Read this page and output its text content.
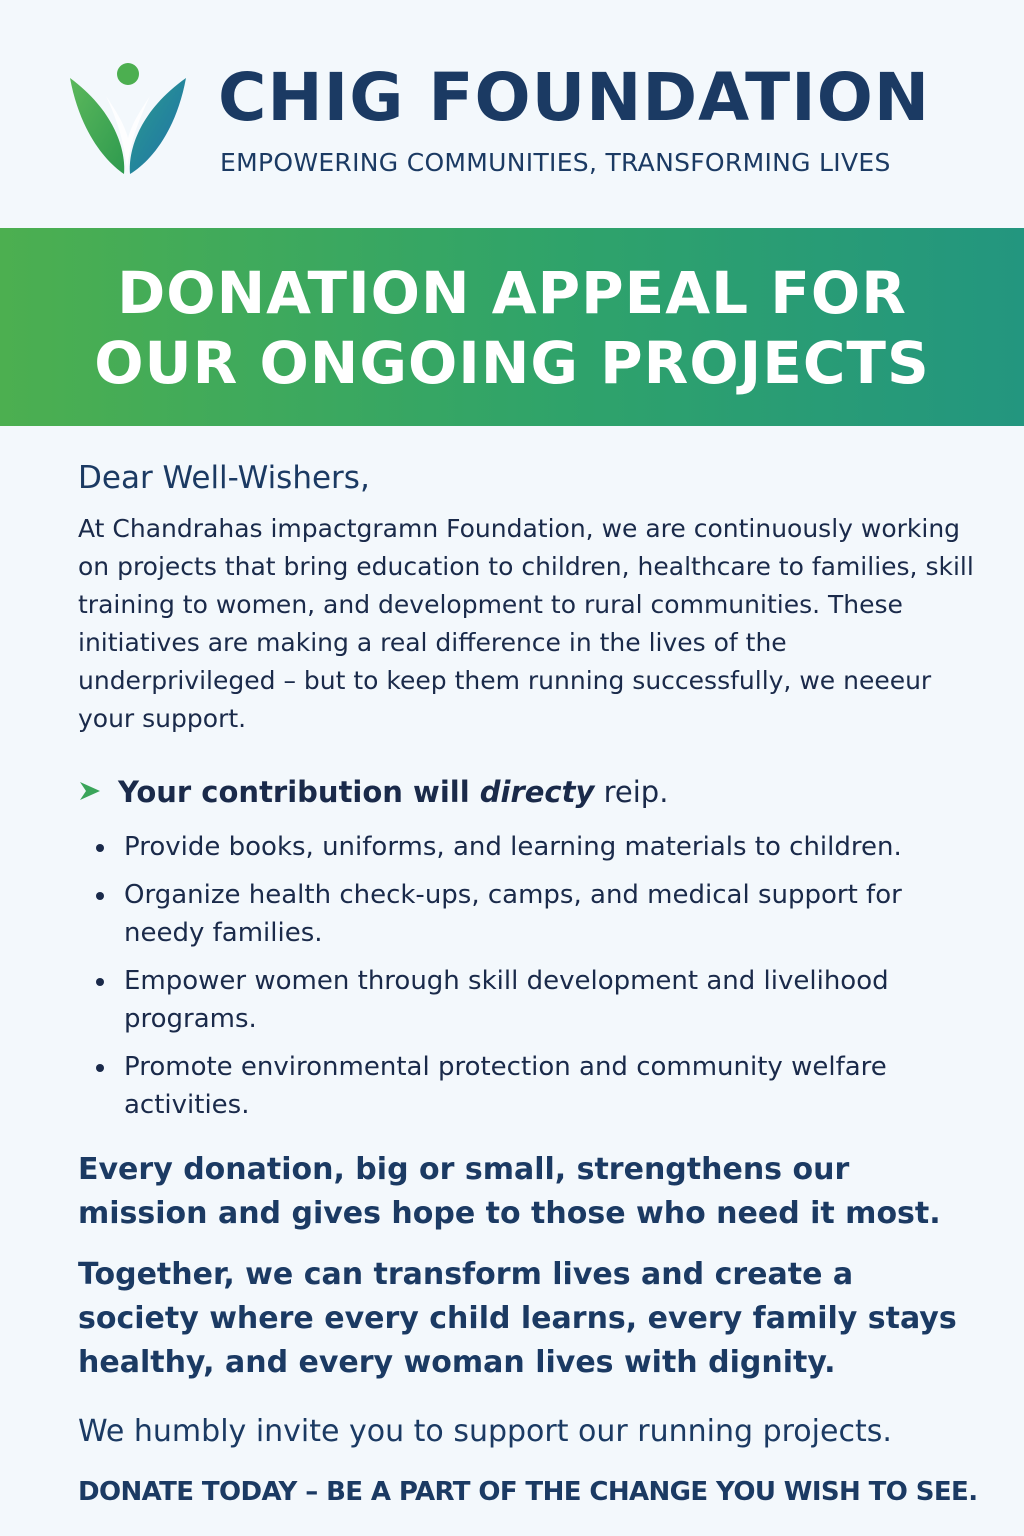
CHIG FOUNDATION
EMPOWERING COMMUNITIES, TRANSFORMING LIVES
DONATION APPEAL FOR
OUR ONGOING PROJECTS
Dear Well-Wishers,
At Chandrahas impactgramn Foundation, we are continuously working on projects that bring education to children, healthcare to families, skill training to women, and development to rural communities. These initiatives are making a real difference in the lives of the underprivileged – but to keep them running successfully, we neeeur your support.
Your contribution will directy reip.
Provide books, uniforms, and learning materials to children.
Organize health check-ups, camps, and medical support for needy families.
Empower women through skill development and livelihood programs.
Promote environmental protection and community welfare activities.
Every donation, big or small, strengthens our mission and gives hope to those who need it most.
Together, we can transform lives and create a society where every child learns, every family stays healthy, and every woman lives with dignity.
We humbly invite you to support our running projects.
DONATE TODAY – BE A PART OF THE CHANGE YOU WISH TO SEE.
